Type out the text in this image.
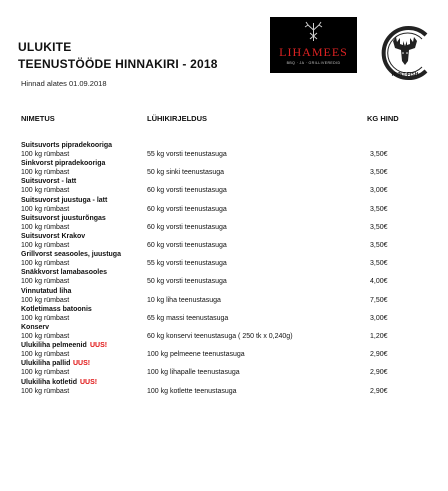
ULUKITE
TEENUSTÖÖDE HINNAKIRI - 2018
Hinnad alates 01.09.2018
LIHAMEES
BBQ · JA · GRILLIVEREDID
HUNT-FISH
NIMETUS	LÜHIKIRJELDUS	KG HIND
Suitsuvorts pipradekooriga
100 kg rümbast	55 kg vorsti teenustasuga	3,50€
Sinkvorst pipradekooriga
100 kg rümbast	50 kg sinki teenustasuga	3,50€
Suitsuvorst - latt
100 kg rümbast	60 kg vorsti teenustasuga	3,00€
Suitsuvorst juustuga - latt
100 kg rümbast	60 kg vorsti teenustasuga	3,50€
Suitsuvorst juusturõngas
100 kg rümbast	60 kg vorsti teenustasuga	3,50€
Suitsuvorst Krakov
100 kg rümbast	60 kg vorsti teenustasuga	3,50€
Grillvorst seasooles, juustuga
100 kg rümbast	55 kg vorsti teenustasuga	3,50€
Snäkkvorst lamabasooles
100 kg rümbast	50 kg vorsti teenustasuga	4,00€
Vinnutatud liha
100 kg rümbast	10 kg liha teenustasuga	7,50€
Kotletimass batoonis
100 kg rümbast	65 kg massi teenustasuga	3,00€
Konserv
100 kg rümbast	60 kg konservi teenustasuga ( 250 tk x 0,240g)	1,20€
Ulukiliha pelmeenid UUS!
100 kg rümbast	100 kg pelmeene teenustasuga	2,90€
Ulukiliha pallid UUS!
100 kg rümbast	100 kg lihapalle teenustasuga	2,90€
Ulukiliha kotletid UUS!
100 kg rümbast	100 kg kotlette teenustasuga	2,90€
